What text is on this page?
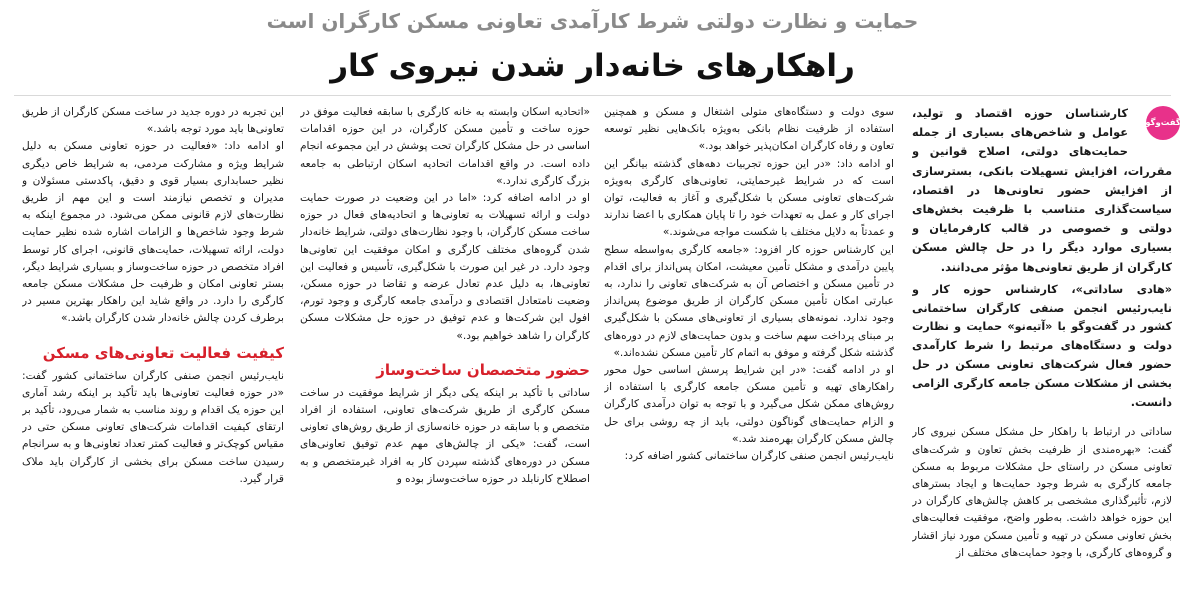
حمایت و نظارت دولتی شرط کارآمدی تعاونی مسکن کارگران است
راهکارهای خانه‌دار شدن نیروی کار
گفت‌وگو

کارشناسان حوزه اقتصاد و تولید، عوامل و شاخص‌های بسیاری از جمله حمایت‌های دولتی، اصلاح قوانین و مقررات، افزایش تسهیلات بانکی، بسترسازی از افزایش حضور تعاونی‌ها در اقتصاد، سیاست‌گذاری متناسب با ظرفیت بخش‌های دولتی و خصوصی در قالب کارفرمایان و بسیاری موارد دیگر را در حل چالش مسکن کارگران از طریق تعاونی‌ها مؤثر می‌دانند.

«هادی ساداتی»، کارشناس حوزه کار و نایب‌رئیس انجمن صنفی کارگران ساختمانی کشور در گفت‌وگو با «آتیه‌نو» حمایت و نظارت دولت و دستگاه‌های مرتبط را شرط کارآمدی حضور فعال شرکت‌های تعاونی مسکن در حل بخشی از مشکلات مسکن جامعه کارگری الزامی دانست.

ساداتی در ارتباط با راهکار حل مشکل مسکن نیروی کار گفت: «بهره‌مندی از ظرفیت بخش تعاون و شرکت‌های تعاونی مسکن در راستای حل مشکلات مربوط به مسکن جامعه کارگری به شرط وجود حمایت‌ها و ایجاد بسترهای لازم، تأثیرگذاری مشخصی بر کاهش چالش‌های کارگران در این حوزه خواهد داشت. به‌طور واضح، موفقیت فعالیت‌های بخش تعاونی مسکن در تهیه و تأمین مسکن مورد نیاز اقشار و گروه‌های کارگری، با وجود حمایت‌های مختلف از

سوی دولت و دستگاه‌های متولی اشتغال و مسکن و همچنین استفاده از ظرفیت نظام بانکی به‌ویژه بانک‌هایی نظیر توسعه تعاون و رفاه کارگران امکان‌پذیر خواهد بود.»

او ادامه داد: «در این حوزه تجربیات دهه‌های گذشته بیانگر این است که در شرایط غیرحمایتی، تعاونی‌های کارگری به‌ویژه شرکت‌های تعاونی مسکن با شکل‌گیری و آغاز به فعالیت، توان اجرای کار و عمل به تعهدات خود را تا پایان همکاری با اعضا ندارند و عمدتاً به دلایل مختلف با شکست مواجه می‌شوند.»

این کارشناس حوزه کار افزود: «جامعه کارگری به‌واسطه سطح پایین درآمدی و مشکل تأمین معیشت، امکان پس‌انداز برای اقدام در تأمین مسکن و اختصاص آن به شرکت‌های تعاونی را ندارد، به عبارتی امکان تأمین مسکن کارگران از طریق موضوع پس‌انداز وجود ندارد. نمونه‌های بسیاری از تعاونی‌های مسکن با شکل‌گیری بر مبنای پرداخت سهم ساخت و بدون حمایت‌های لازم در دوره‌های گذشته شکل گرفته و موفق به اتمام کار تأمین مسکن نشده‌اند.»

او در ادامه گفت: «در این شرایط پرسش اساسی حول محور راهکارهای تهیه و تأمین مسکن جامعه کارگری با استفاده از روش‌های ممکن شکل می‌گیرد و با توجه به توان درآمدی کارگران و الزام حمایت‌های گوناگون دولتی، باید از چه روشی برای حل چالش مسکن کارگران بهره‌مند شد.»

نایب‌رئیس انجمن صنفی کارگران ساختمانی کشور اضافه کرد:

«اتحادیه اسکان وابسته به خانه کارگری با سابقه فعالیت موفق در حوزه ساخت و تأمین مسکن کارگران، در این حوزه اقدامات اساسی در حل مشکل کارگران تحت پوشش در این مجموعه انجام داده است. در واقع اقدامات اتحادیه اسکان ارتباطی به جامعه بزرگ کارگری ندارد.»

او در ادامه اضافه کرد: «اما در این وضعیت در صورت حمایت دولت و ارائه تسهیلات به تعاونی‌ها و اتحادیه‌های فعال در حوزه ساخت مسکن کارگران، با وجود نظارت‌های دولتی، شرایط خانه‌دار شدن گروه‌های مختلف کارگری و امکان موفقیت این تعاونی‌ها وجود دارد. در غیر این صورت با شکل‌گیری، تأسیس و فعالیت این تعاونی‌ها، به دلیل عدم تعادل عرضه و تقاضا در حوزه مسکن، وضعیت نامتعادل اقتصادی و درآمدی جامعه کارگری و وجود تورم، افول این شرکت‌ها و عدم توفیق در حوزه حل مشکلات مسکن کارگران را شاهد خواهیم بود.»

حضور متخصصان ساخت‌وساز

ساداتی با تأکید بر اینکه یکی دیگر از شرایط موفقیت در ساخت مسکن کارگری از طریق شرکت‌های تعاونی، استفاده از افراد متخصص و با سابقه در حوزه خانه‌سازی از طریق روش‌های تعاونی است، گفت: «یکی از چالش‌های مهم عدم توفیق تعاونی‌های مسکن در دوره‌های گذشته سپردن کار به افراد غیرمتخصص و به اصطلاح کارنابلد در حوزه ساخت‌وساز بوده و

این تجربه در دوره جدید در ساخت مسکن کارگران از طریق تعاونی‌ها باید مورد توجه باشد.»

او ادامه داد: «فعالیت در حوزه تعاونی مسکن به دلیل شرایط ویژه و مشارکت مردمی، به شرایط خاص دیگری نظیر حسابداری بسیار قوی و دقیق، پاکدستی مسئولان و مدیران و تخصص نیازمند است و این مهم از طریق نظارت‌های لازم قانونی ممکن می‌شود. در مجموع اینکه به شرط وجود شاخص‌ها و الزامات اشاره شده نظیر حمایت دولت، ارائه تسهیلات، حمایت‌های قانونی، اجرای کار توسط افراد متخصص در حوزه ساخت‌وساز و بسیاری شرایط دیگر، بستر تعاونی امکان و ظرفیت حل مشکلات مسکن جامعه کارگری را دارد. در واقع شاید این راهکار بهترین مسیر در برطرف کردن چالش خانه‌دار شدن کارگران باشد.»

کیفیت فعالیت تعاونی‌های مسکن

نایب‌رئیس انجمن صنفی کارگران ساختمانی کشور گفت: «در حوزه فعالیت تعاونی‌ها باید تأکید بر اینکه رشد آماری این حوزه یک اقدام و روند مناسب به شمار می‌رود، تأکید بر ارتقای کیفیت اقدامات شرکت‌های تعاونی مسکن حتی در مقیاس کوچک‌تر و فعالیت کمتر تعداد تعاونی‌ها و به سرانجام رسیدن ساخت مسکن برای بخشی از کارگران باید ملاک قرار گیرد.
